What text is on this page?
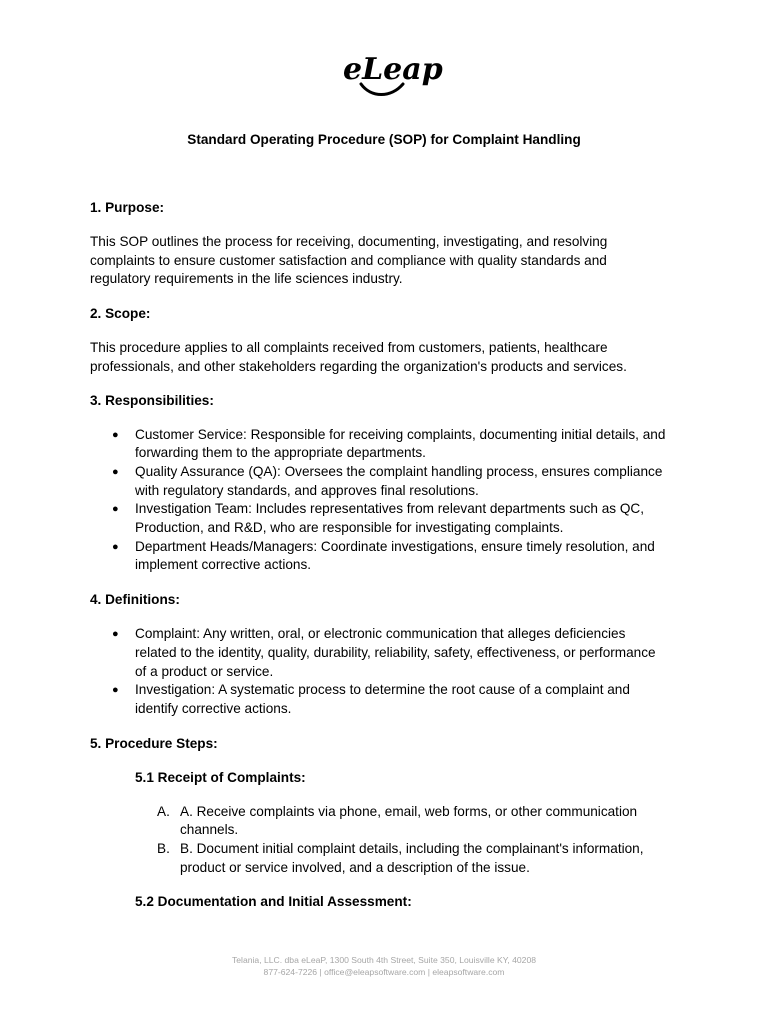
eLeap
Standard Operating Procedure (SOP) for Complaint Handling

1. Purpose:

This SOP outlines the process for receiving, documenting, investigating, and resolving
complaints to ensure customer satisfaction and compliance with quality standards and
regulatory requirements in the life sciences industry.

2. Scope:

This procedure applies to all complaints received from customers, patients, healthcare
professionals, and other stakeholders regarding the organization's products and services.

3. Responsibilities:

● Customer Service: Responsible for receiving complaints, documenting initial details, and
forwarding them to the appropriate departments.
● Quality Assurance (QA): Oversees the complaint handling process, ensures compliance
with regulatory standards, and approves final resolutions.
● Investigation Team: Includes representatives from relevant departments such as QC,
Production, and R&D, who are responsible for investigating complaints.
● Department Heads/Managers: Coordinate investigations, ensure timely resolution, and
implement corrective actions.

4. Definitions:

● Complaint: Any written, oral, or electronic communication that alleges deficiencies
related to the identity, quality, durability, reliability, safety, effectiveness, or performance
of a product or service.
● Investigation: A systematic process to determine the root cause of a complaint and
identify corrective actions.

5. Procedure Steps:

5.1 Receipt of Complaints:

A. A. Receive complaints via phone, email, web forms, or other communication
channels.
B. B. Document initial complaint details, including the complainant's information,
product or service involved, and a description of the issue.

5.2 Documentation and Initial Assessment:

Telania, LLC. dba eLeaP, 1300 South 4th Street, Suite 350, Louisville KY, 40208
877-624-7226 | office@eleapsoftware.com | eleapsoftware.com
